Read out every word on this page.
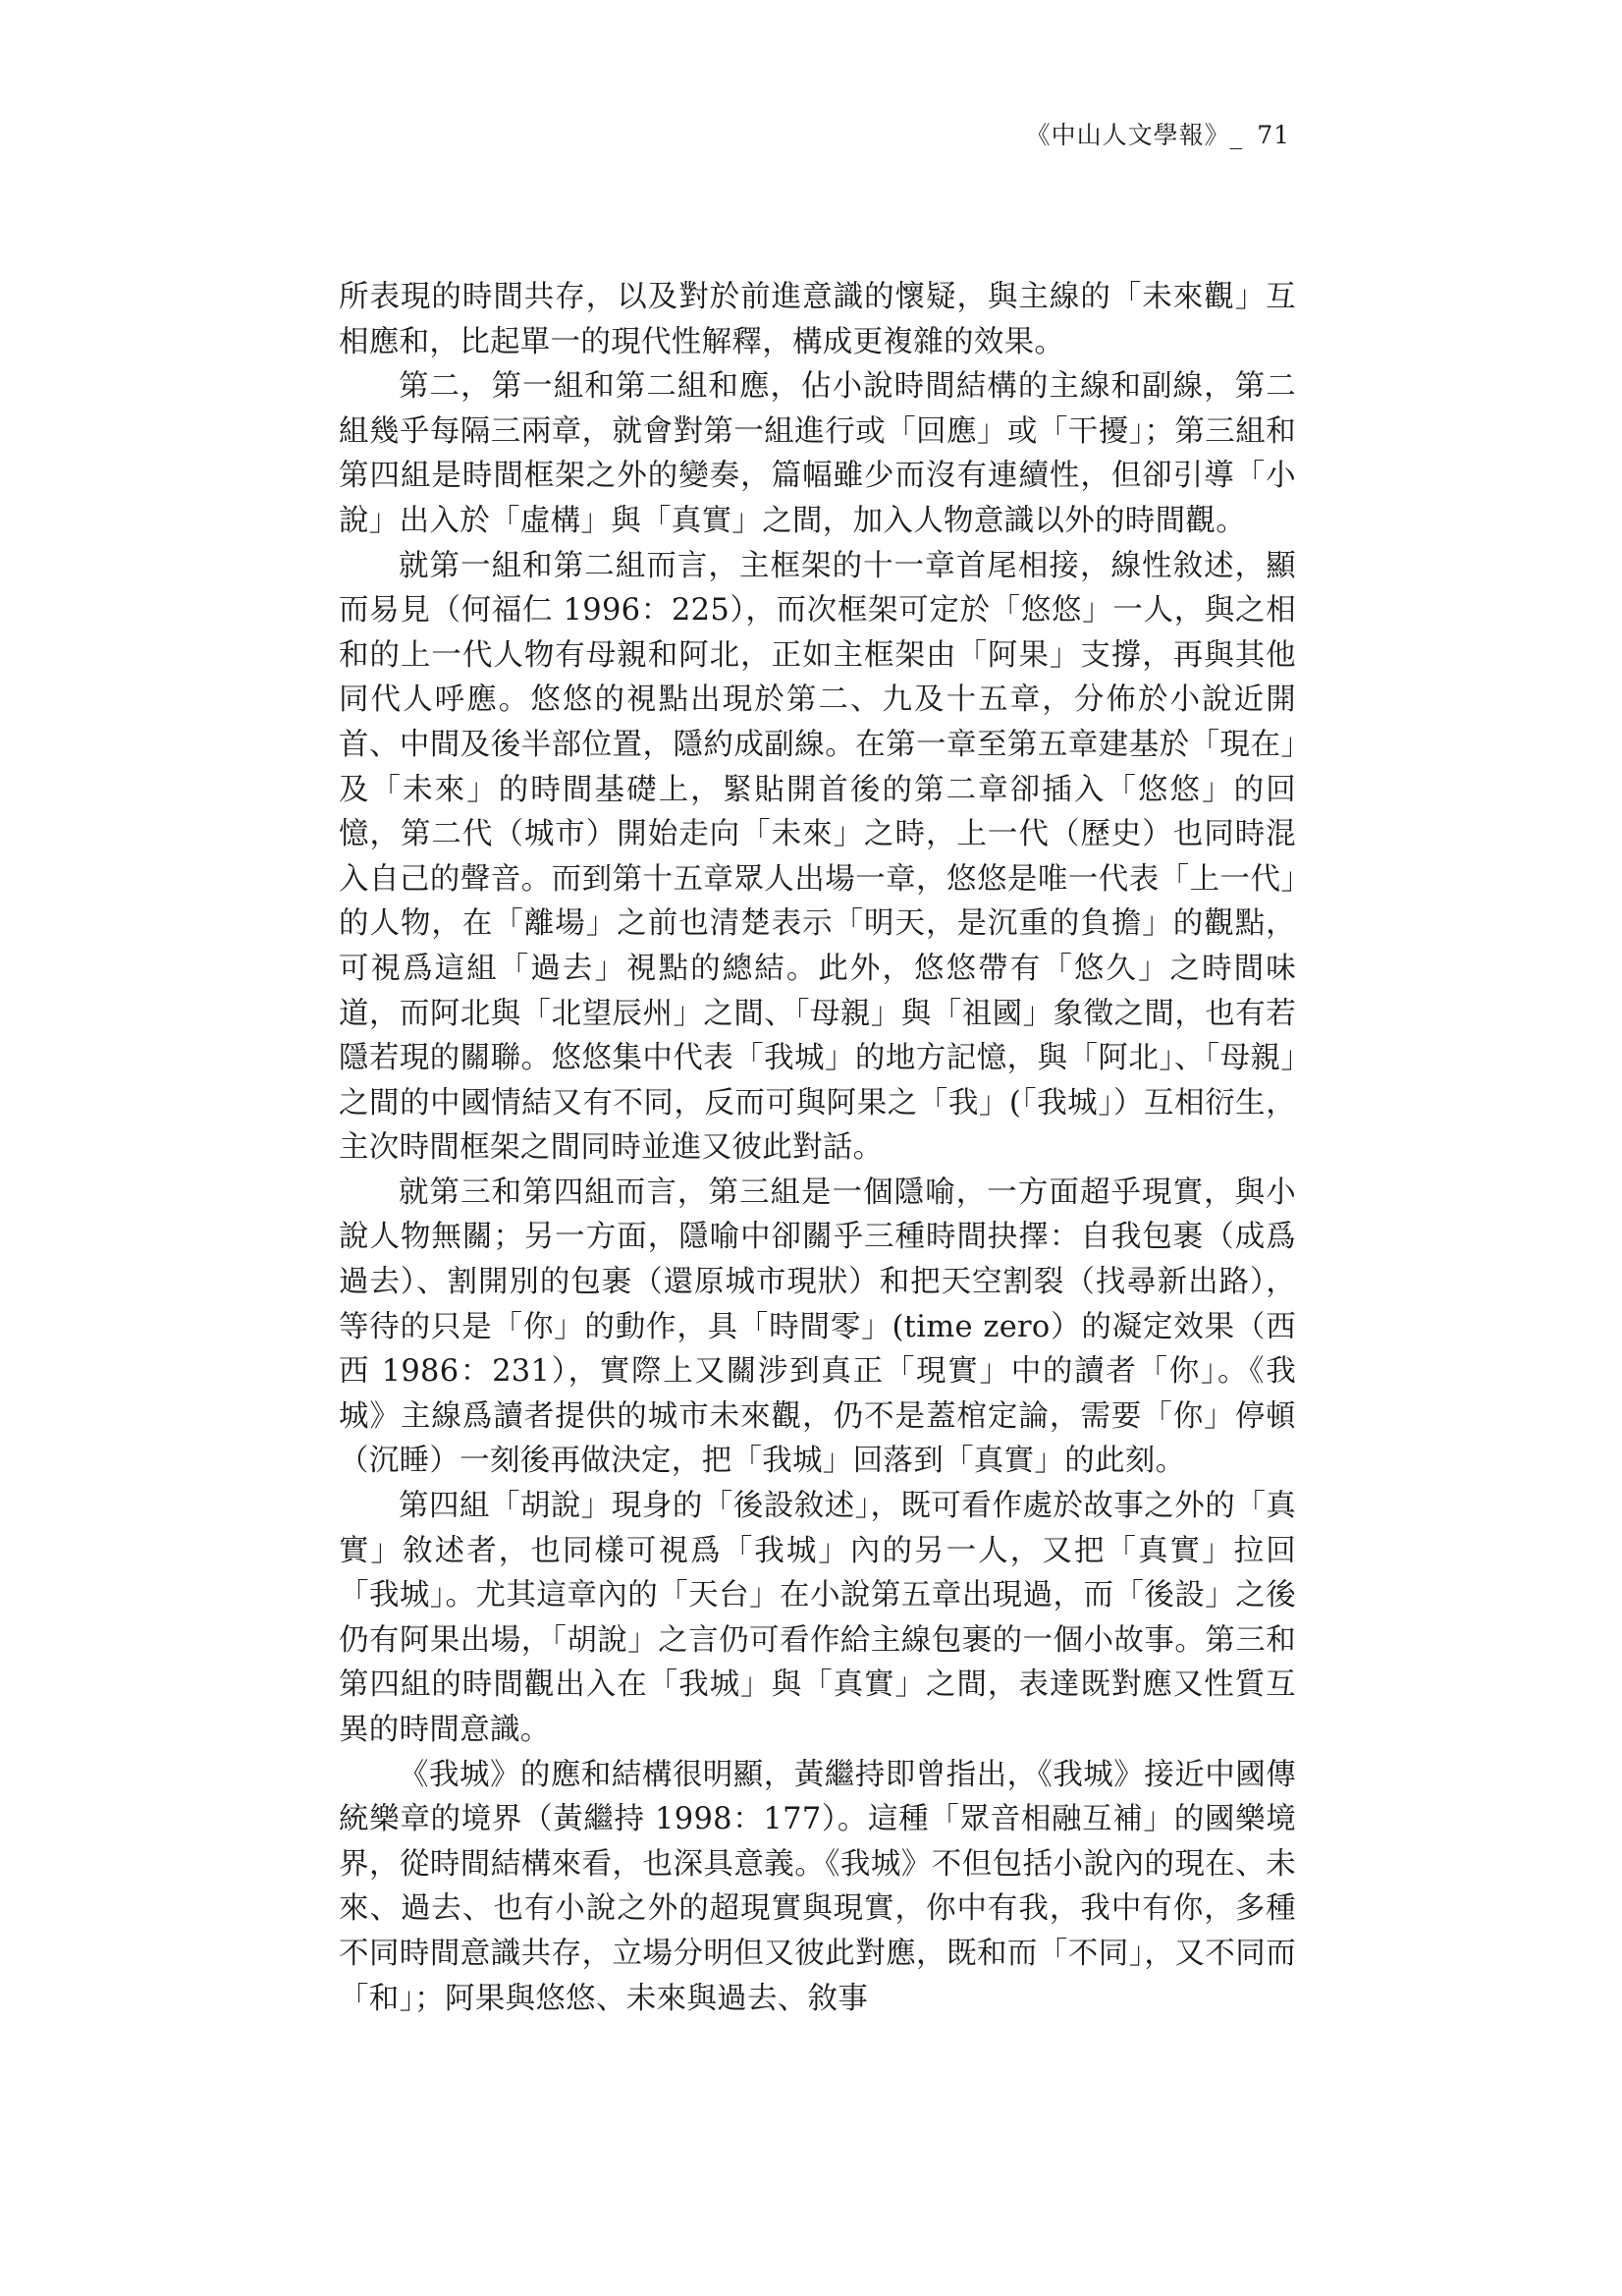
《中山人文學報》_ 71

所表現的時間共存，以及對於前進意識的懷疑，與主線的「未來觀」互相應和，比起單一的現代性解釋，構成更複雜的效果。

第二，第一組和第二組和應，佔小說時間結構的主線和副線，第二組幾乎每隔三兩章，就會對第一組進行或「回應」或「干擾」；第三組和第四組是時間框架之外的變奏，篇幅雖少而沒有連續性，但卻引導「小說」出入於「虛構」與「真實」之間，加入人物意識以外的時間觀。

就第一組和第二組而言，主框架的十一章首尾相接，線性敘述，顯而易見（何福仁 1996：225），而次框架可定於「悠悠」一人，與之相和的上一代人物有母親和阿北，正如主框架由「阿果」支撐，再與其他同代人呼應。悠悠的視點出現於第二、九及十五章，分佈於小說近開首、中間及後半部位置，隱約成副線。在第一章至第五章建基於「現在」及「未來」的時間基礎上，緊貼開首後的第二章卻插入「悠悠」的回憶，第二代（城市）開始走向「未來」之時，上一代（歷史）也同時混入自己的聲音。而到第十五章眾人出場一章，悠悠是唯一代表「上一代」的人物，在「離場」之前也清楚表示「明天，是沉重的負擔」的觀點，可視爲這組「過去」視點的總結。此外，悠悠帶有「悠久」之時間味道，而阿北與「北望辰州」之間、「母親」與「祖國」象徵之間，也有若隱若現的關聯。悠悠集中代表「我城」的地方記憶，與「阿北」、「母親」之間的中國情結又有不同，反而可與阿果之「我」(「我城」）互相衍生，主次時間框架之間同時並進又彼此對話。

就第三和第四組而言，第三組是一個隱喻，一方面超乎現實，與小說人物無關；另一方面，隱喻中卻關乎三種時間抉擇：自我包裹（成爲過去）、割開別的包裹（還原城市現狀）和把天空割裂（找尋新出路），等待的只是「你」的動作，具「時間零」(time zero）的凝定效果（西西 1986：231），實際上又關涉到真正「現實」中的讀者「你」。《我城》主線爲讀者提供的城市未來觀，仍不是蓋棺定論，需要「你」停頓（沉睡）一刻後再做決定，把「我城」回落到「真實」的此刻。

第四組「胡說」現身的「後設敘述」，既可看作處於故事之外的「真實」敘述者，也同樣可視爲「我城」內的另一人，又把「真實」拉回「我城」。尤其這章內的「天台」在小說第五章出現過，而「後設」之後仍有阿果出場，「胡說」之言仍可看作給主線包裹的一個小故事。第三和第四組的時間觀出入在「我城」與「真實」之間，表達既對應又性質互異的時間意識。

《我城》的應和結構很明顯，黃繼持即曾指出，《我城》接近中國傳統樂章的境界（黃繼持 1998：177）。這種「眾音相融互補」的國樂境界，從時間結構來看，也深具意義。《我城》不但包括小說內的現在、未來、過去、也有小說之外的超現實與現實，你中有我，我中有你，多種不同時間意識共存，立場分明但又彼此對應，既和而「不同」，又不同而「和」；阿果與悠悠、未來與過去、敘事
